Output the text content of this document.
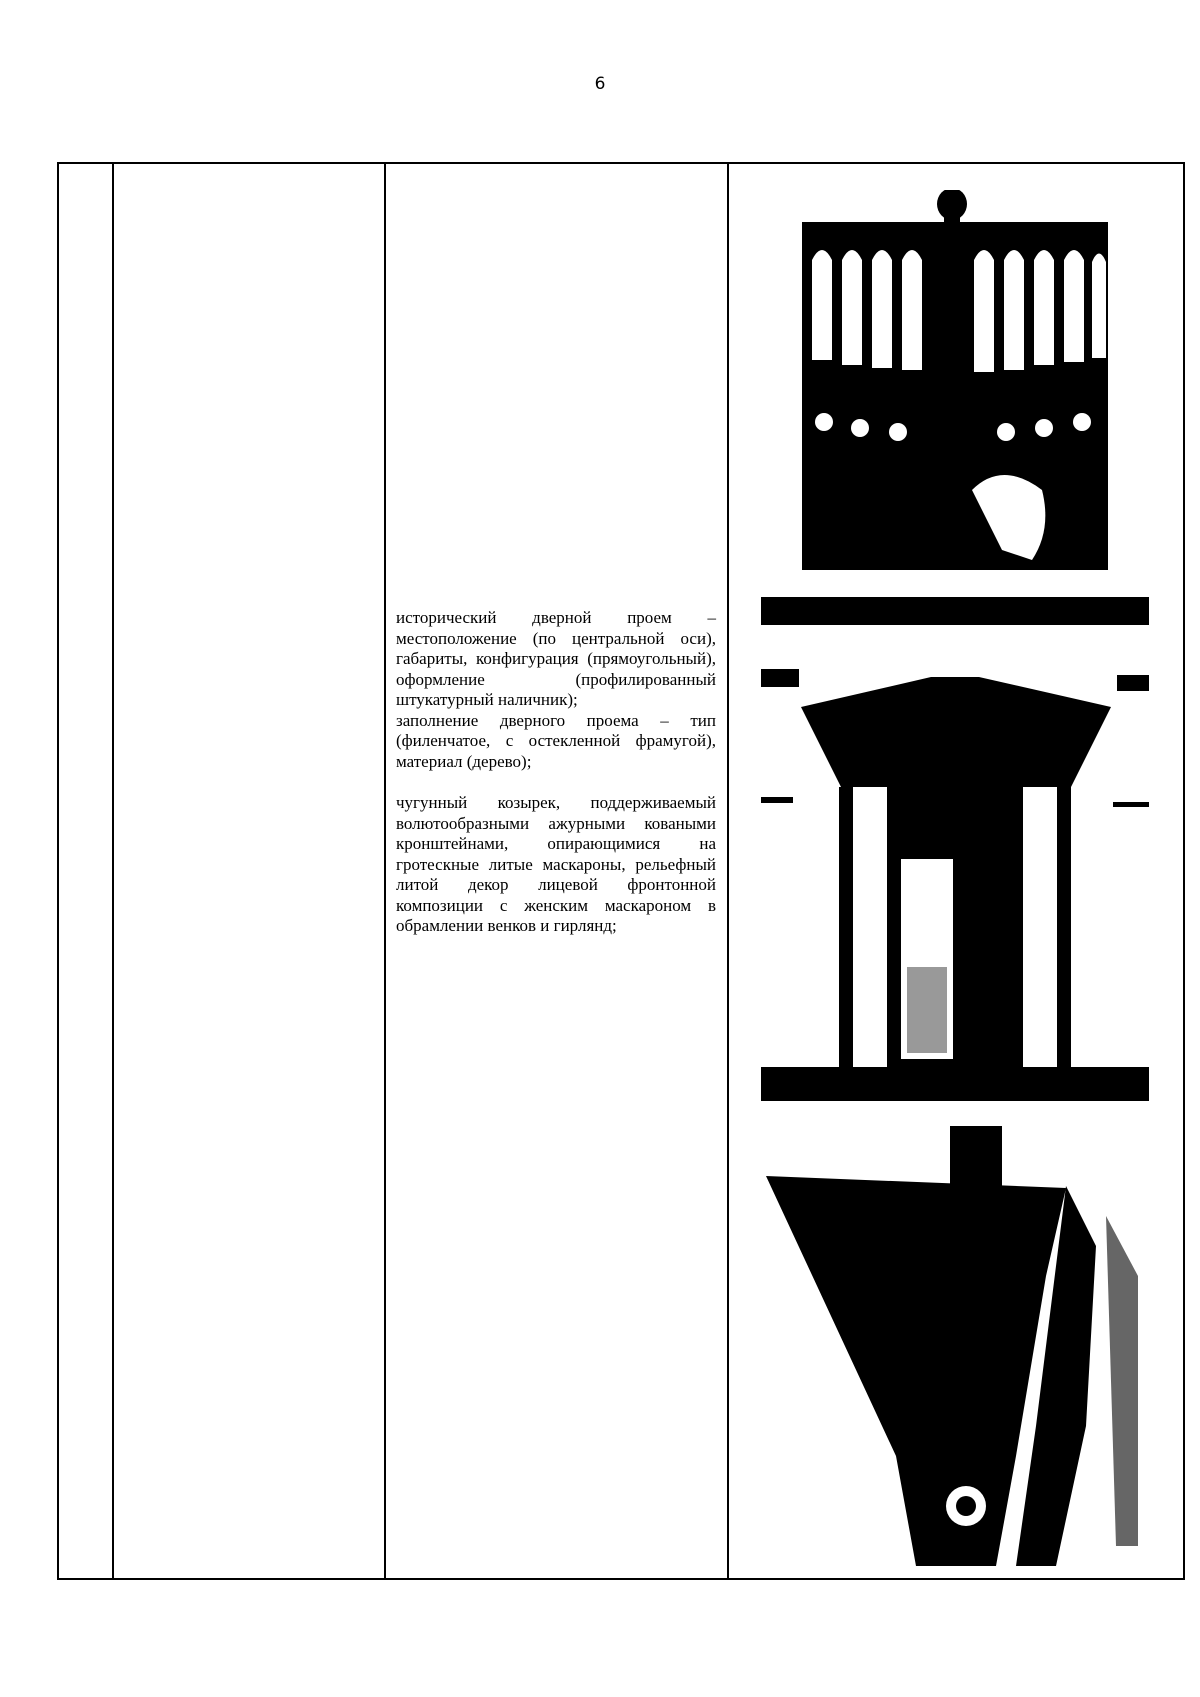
6

исторический дверной проем – местоположение (по центральной оси), габариты, конфигурация (прямоугольный), оформление (профилированный штукатурный наличник);

заполнение дверного проема – тип (филенчатое, с остекленной фрамугой), материал (дерево);

чугунный козырек, поддерживаемый волютообразными ажурными коваными кронштейнами, опирающимися на гротескные литые маскароны, рельефный литой декор лицевой фронтонной композиции с женским маскароном в обрамлении венков и гирлянд;
